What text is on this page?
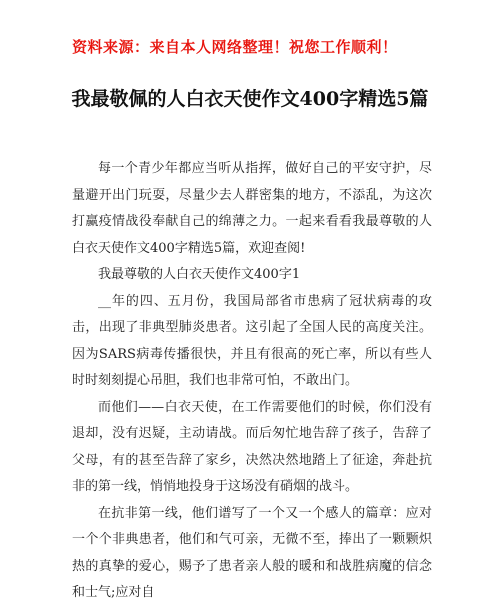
资料来源：来自本人网络整理！祝您工作顺利！
我最敬佩的人白衣天使作文400字精选5篇

每一个青少年都应当听从指挥，做好自己的平安守护，尽量避开出门玩耍，尽量少去人群密集的地方，不添乱，为这次打赢疫情战役奉献自己的绵薄之力。一起来看看我最尊敬的人白衣天使作文400字精选5篇，欢迎查阅!

我最尊敬的人白衣天使作文400字1

__年的四、五月份，我国局部省市患病了冠状病毒的攻击，出现了非典型肺炎患者。这引起了全国人民的高度关注。因为SARS病毒传播很快，并且有很高的死亡率，所以有些人时时刻刻提心吊胆，我们也非常可怕，不敢出门。

而他们——白衣天使，在工作需要他们的时候，你们没有退却，没有迟疑，主动请战。而后匆忙地告辞了孩子，告辞了父母，有的甚至告辞了家乡，决然决然地踏上了征途，奔赴抗非的第一线，悄悄地投身于这场没有硝烟的战斗。

在抗非第一线，他们谱写了一个又一个感人的篇章：应对一个个非典患者，他们和气可亲，无微不至，捧出了一颗颗炽热的真挚的爱心，赐予了患者亲人般的暖和和战胜病魔的信念和士气;应对自
